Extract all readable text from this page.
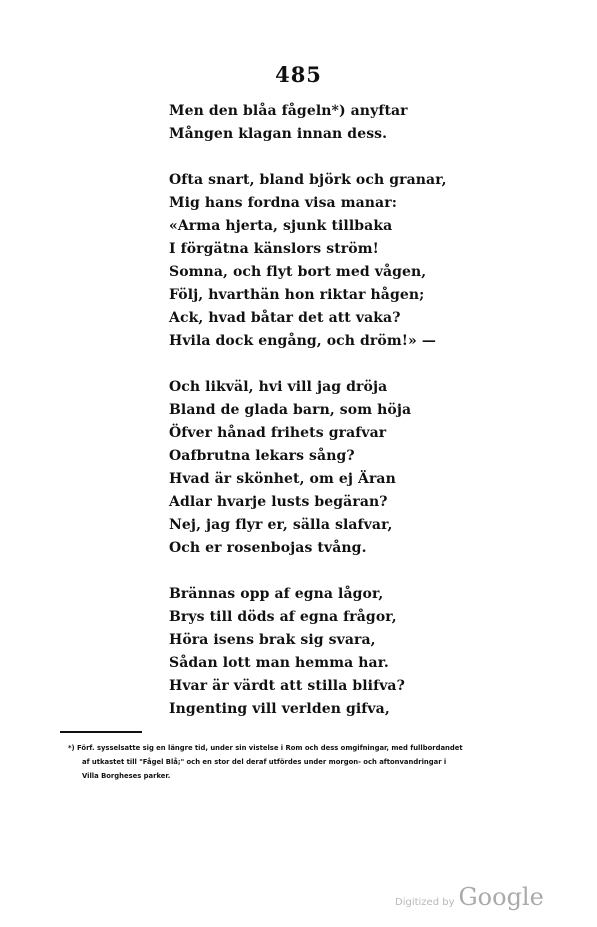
485
Men den blåa fågeln*) anyftar
Mången klagan innan dess.
Ofta snart, bland björk och granar,
Mig hans fordna visa manar:
«Arma hjerta, sjunk tillbaka
I förgätna känslors ström!
Somna, och flyt bort med vågen,
Följ, hvarthän hon riktar hågen;
Ack, hvad båtar det att vaka?
Hvila dock engång, och dröm!» —
Och likväl, hvi vill jag dröja
Bland de glada barn, som höja
Öfver hånad frihets grafvar
Oafbrutna lekars sång?
Hvad är skönhet, om ej Äran
Adlar hvarje lusts begäran?
Nej, jag flyr er, sälla slafvar,
Och er rosenbojas tvång.
Brännas opp af egna lågor,
Brys till döds af egna frågor,
Höra isens brak sig svara,
Sådan lott man hemma har.
Hvar är värdt att stilla blifva?
Ingenting vill verlden gifva,
*) Förf. sysselsatte sig en längre tid, under sin vistelse i Rom och dess omgifningar, med fullbordandet
af utkastet till "Fågel Blå;" och en stor del deraf utfördes under morgon- och aftonvandringar i
Villa Borgheses parker.
Digitized by Google
